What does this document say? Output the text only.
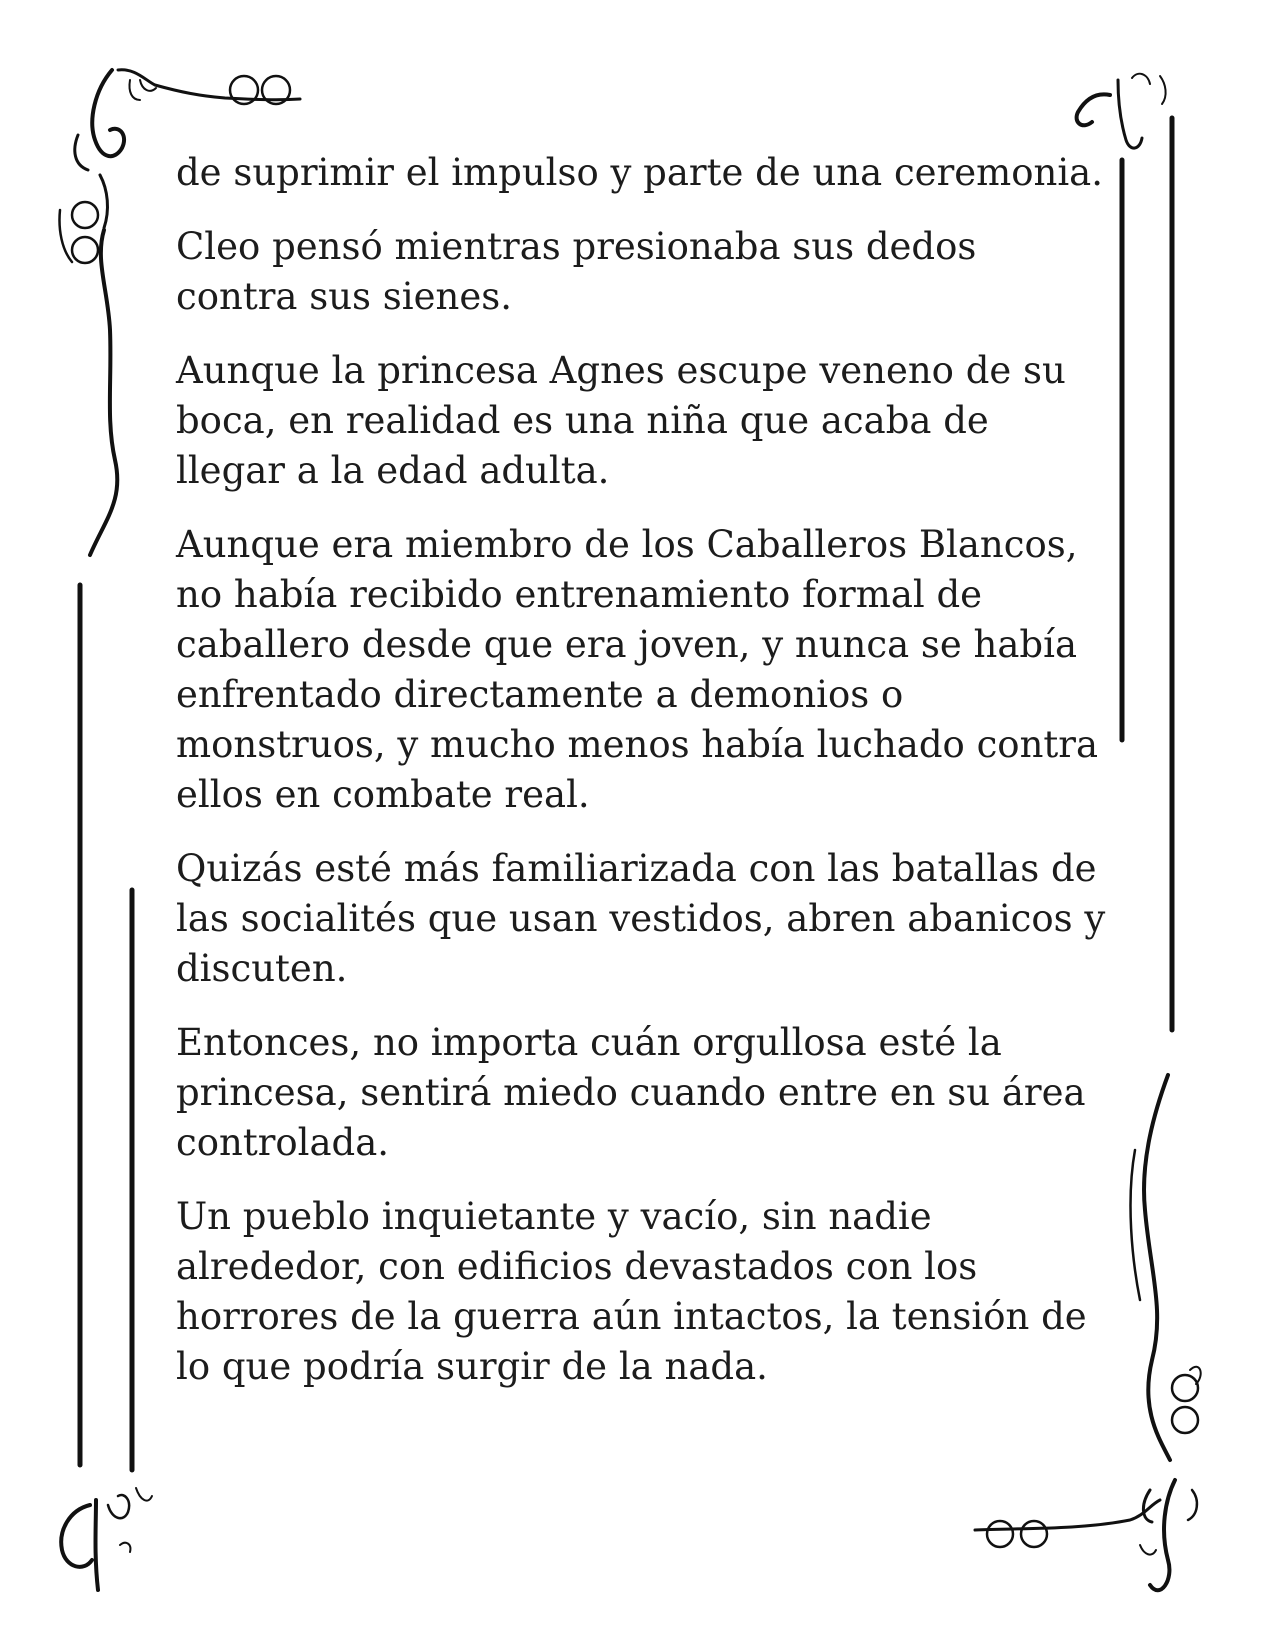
de suprimir el impulso y parte de una ceremonia.

Cleo pensó mientras presionaba sus dedos contra sus sienes.

Aunque la princesa Agnes escupe veneno de su boca, en realidad es una niña que acaba de llegar a la edad adulta.

Aunque era miembro de los Caballeros Blancos, no había recibido entrenamiento formal de caballero desde que era joven, y nunca se había enfrentado directamente a demonios o monstruos, y mucho menos había luchado contra ellos en combate real.

Quizás esté más familiarizada con las batallas de las socialités que usan vestidos, abren abanicos y discuten.

Entonces, no importa cuán orgullosa esté la princesa, sentirá miedo cuando entre en su área controlada.

Un pueblo inquietante y vacío, sin nadie alrededor, con edificios devastados con los horrores de la guerra aún intactos, la tensión de lo que podría surgir de la nada.
